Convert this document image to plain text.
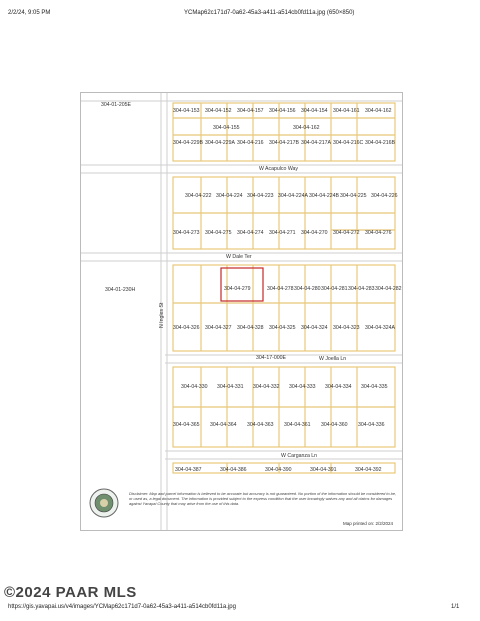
2/2/24, 9:05 PM	YCMap62c171d7-0a62-45a3-a411-a514cb0fd11a.jpg (650×850)
W Acapulco Way
W Dale Ter
N Ingles St
W Joella Ln
W Carganza Ln
304-01-205E
304-01-230H
304-17-000E
304-04-279
304-04-153 304-04-152 304-04-157 304-04-156 304-04-154 304-04-161 304-04-162
304-04-155	304-04-162
304-04-229B 304-04-229A 304-04-216 304-04-217B 304-04-217A 304-04-216C 304-04-216B
304-04-222 304-04-224 304-04-223 304-04-224A 304-04-224B 304-04-225 304-04-226
304-04-273 304-04-275 304-04-274 304-04-271 304-04-270 304-04-272 304-04-276
304-04-278 304-04-280 304-04-281 304-04-283 304-04-282
304-04-326 304-04-327 304-04-328 304-04-325 304-04-324 304-04-323 304-04-324A
304-04-330 304-04-331 304-04-332 304-04-333 304-04-334 304-04-335
304-04-365 304-04-364 304-04-363 304-04-361 304-04-360 304-04-336
304-04-387	304-04-386	304-04-390	304-04-391	304-04-392
Disclaimer: Map and parcel information is believed to be accurate but accuracy is not guaranteed. No portion of the information should be considered to be, or used as, a legal document. The information is provided subject to the express condition that the user knowingly waives any and all claims for damages against Yavapai County that may arise from the use of this data.
Map printed on: 2/2/2024
©2024 PAAR MLS
https://gis.yavapai.us/v4/images/YCMap62c171d7-0a62-45a3-a411-a514cb0fd11a.jpg	1/1
